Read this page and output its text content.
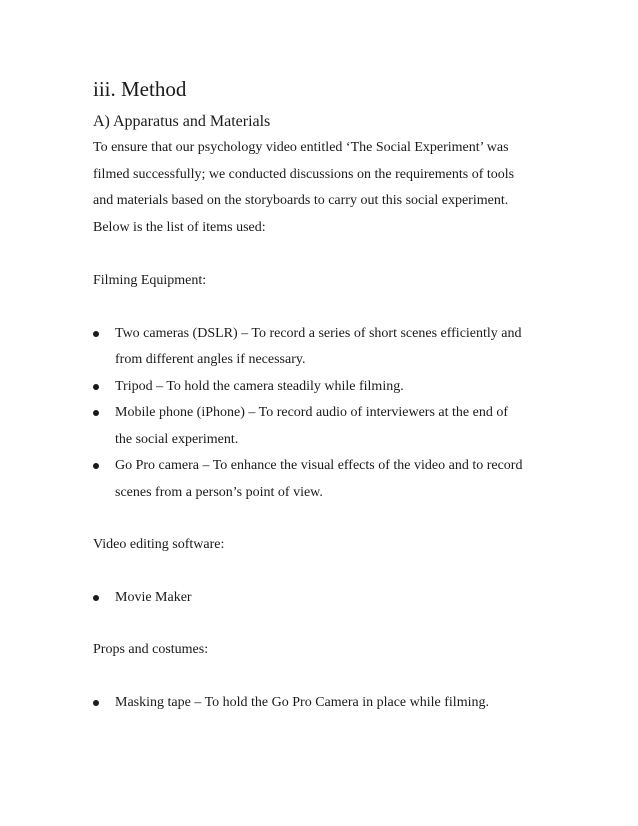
iii. Method
A) Apparatus and Materials

To ensure that our psychology video entitled ‘The Social Experiment’ was
filmed successfully; we conducted discussions on the requirements of tools
and materials based on the storyboards to carry out this social experiment.
Below is the list of items used:

Filming Equipment:

Two cameras (DSLR) – To record a series of short scenes efficiently and
from different angles if necessary.
Tripod – To hold the camera steadily while filming.
Mobile phone (iPhone) – To record audio of interviewers at the end of
the social experiment.
Go Pro camera – To enhance the visual effects of the video and to record
scenes from a person’s point of view.

Video editing software:

Movie Maker

Props and costumes:

Masking tape – To hold the Go Pro Camera in place while filming.
